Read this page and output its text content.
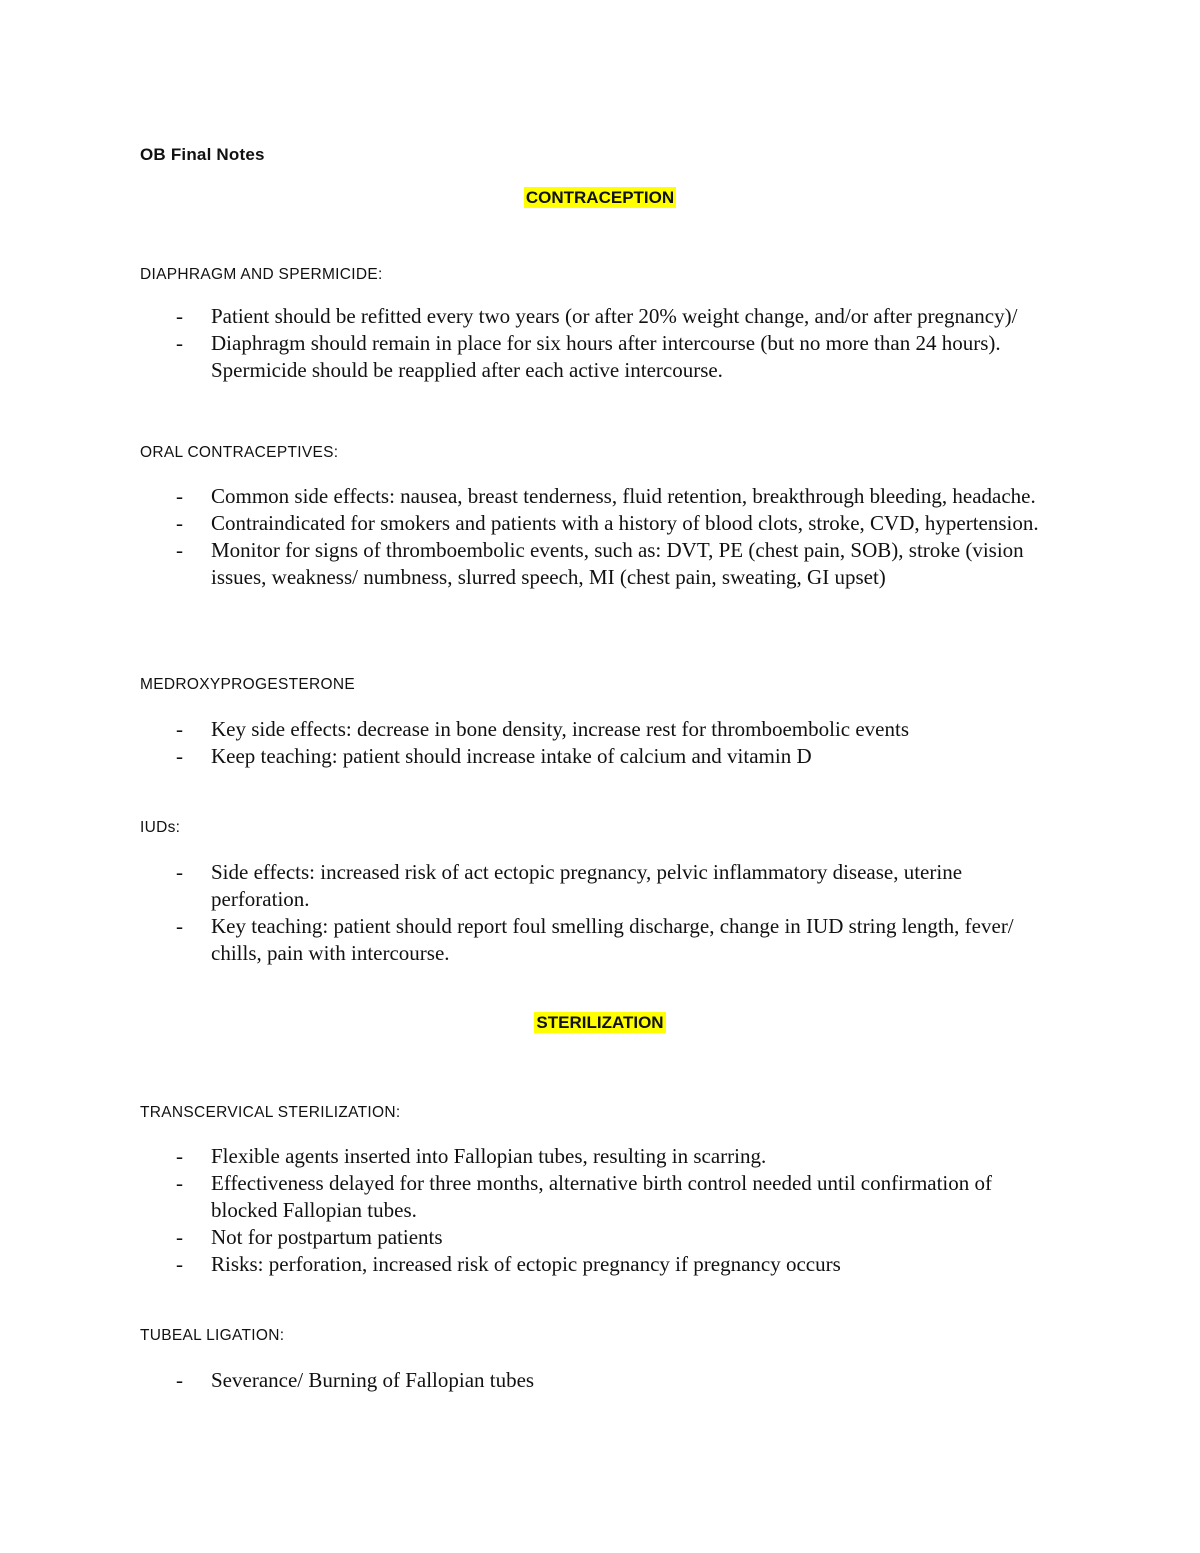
OB Final Notes
CONTRACEPTION
DIAPHRAGM AND SPERMICIDE:
- Patient should be refitted every two years (or after 20% weight change, and/or after pregnancy)/
- Diaphragm should remain in place for six hours after intercourse (but no more than 24 hours). Spermicide should be reapplied after each active intercourse.
ORAL CONTRACEPTIVES:
- Common side effects: nausea, breast tenderness, fluid retention, breakthrough bleeding, headache.
- Contraindicated for smokers and patients with a history of blood clots, stroke, CVD, hypertension.
- Monitor for signs of thromboembolic events, such as: DVT, PE (chest pain, SOB), stroke (vision issues, weakness/ numbness, slurred speech, MI (chest pain, sweating, GI upset)
MEDROXYPROGESTERONE
- Key side effects: decrease in bone density, increase rest for thromboembolic events
- Keep teaching: patient should increase intake of calcium and vitamin D
IUDs:
- Side effects: increased risk of act ectopic pregnancy, pelvic inflammatory disease, uterine perforation.
- Key teaching: patient should report foul smelling discharge, change in IUD string length, fever/ chills, pain with intercourse.
STERILIZATION
TRANSCERVICAL STERILIZATION:
- Flexible agents inserted into Fallopian tubes, resulting in scarring.
- Effectiveness delayed for three months, alternative birth control needed until confirmation of blocked Fallopian tubes.
- Not for postpartum patients
- Risks: perforation, increased risk of ectopic pregnancy if pregnancy occurs
TUBEAL LIGATION:
- Severance/ Burning of Fallopian tubes
